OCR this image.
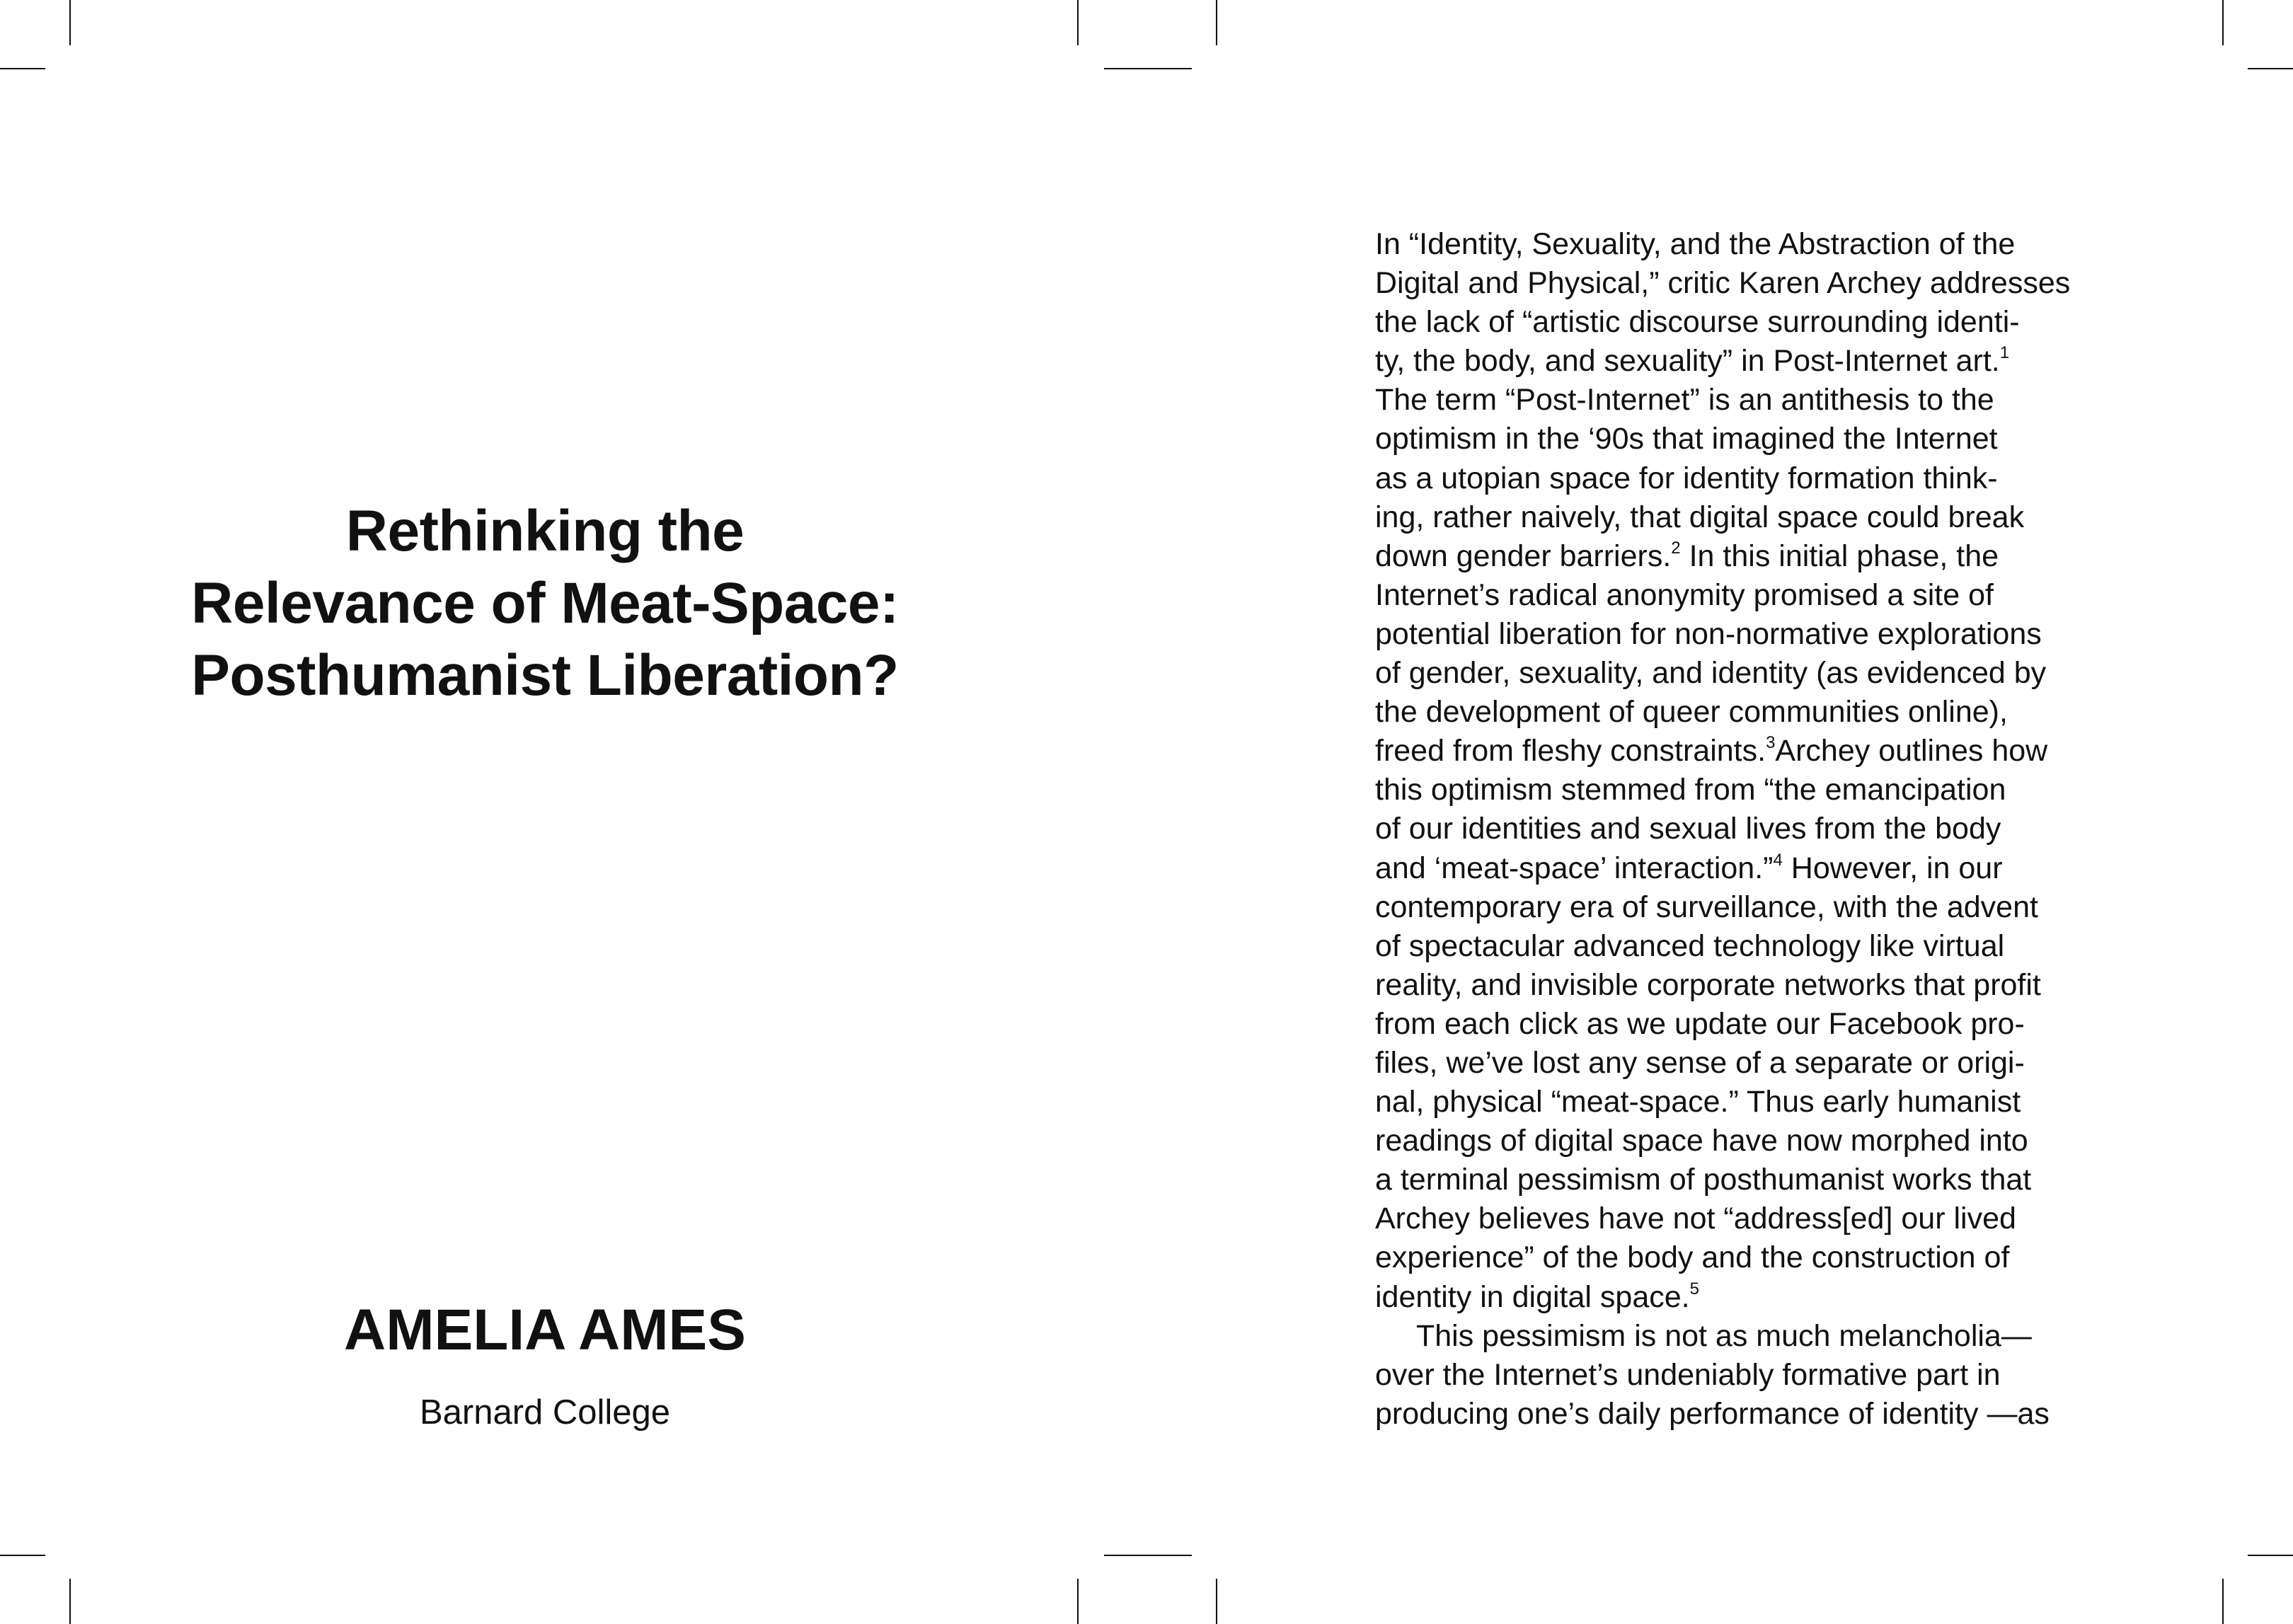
Rethinking the
Relevance of Meat-Space:
Posthumanist Liberation?
AMELIA AMES
Barnard College
In “Identity, Sexuality, and the Abstraction of the
Digital and Physical,” critic Karen Archey addresses
the lack of “artistic discourse surrounding identi-
ty, the body, and sexuality” in Post-Internet art.$^1$
The term “Post-Internet” is an antithesis to the
optimism in the ‘90s that imagined the Internet
as a utopian space for identity formation think-
ing, rather naively, that digital space could break
down gender barriers.$^2$ In this initial phase, the
Internet’s radical anonymity promised a site of
potential liberation for non-normative explorations
of gender, sexuality, and identity (as evidenced by
the development of queer communities online),
freed from fleshy constraints.$^3$Archey outlines how
this optimism stemmed from “the emancipation
of our identities and sexual lives from the body
and ‘meat-space’ interaction.”$^4$ However, in our
contemporary era of surveillance, with the advent
of spectacular advanced technology like virtual
reality, and invisible corporate networks that profit
from each click as we update our Facebook pro-
files, we’ve lost any sense of a separate or origi-
nal, physical “meat-space.” Thus early humanist
readings of digital space have now morphed into
a terminal pessimism of posthumanist works that
Archey believes have not “address[ed] our lived
experience” of the body and the construction of
identity in digital space.$^5$
This pessimism is not as much melancholia—
over the Internet’s undeniably formative part in
producing one’s daily performance of identity —as
